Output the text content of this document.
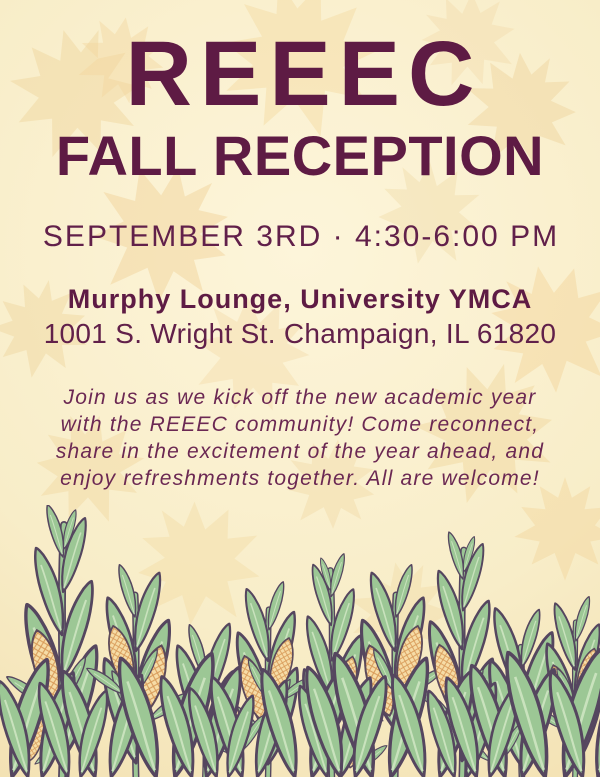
REEEC
FALL RECEPTION
SEPTEMBER 3RD · 4:30-6:00 PM
Murphy Lounge, University YMCA
1001 S. Wright St. Champaign, IL 61820

Join us as we kick off the new academic year
with the REEEC community! Come reconnect,
share in the excitement of the year ahead, and
enjoy refreshments together. All are welcome!
